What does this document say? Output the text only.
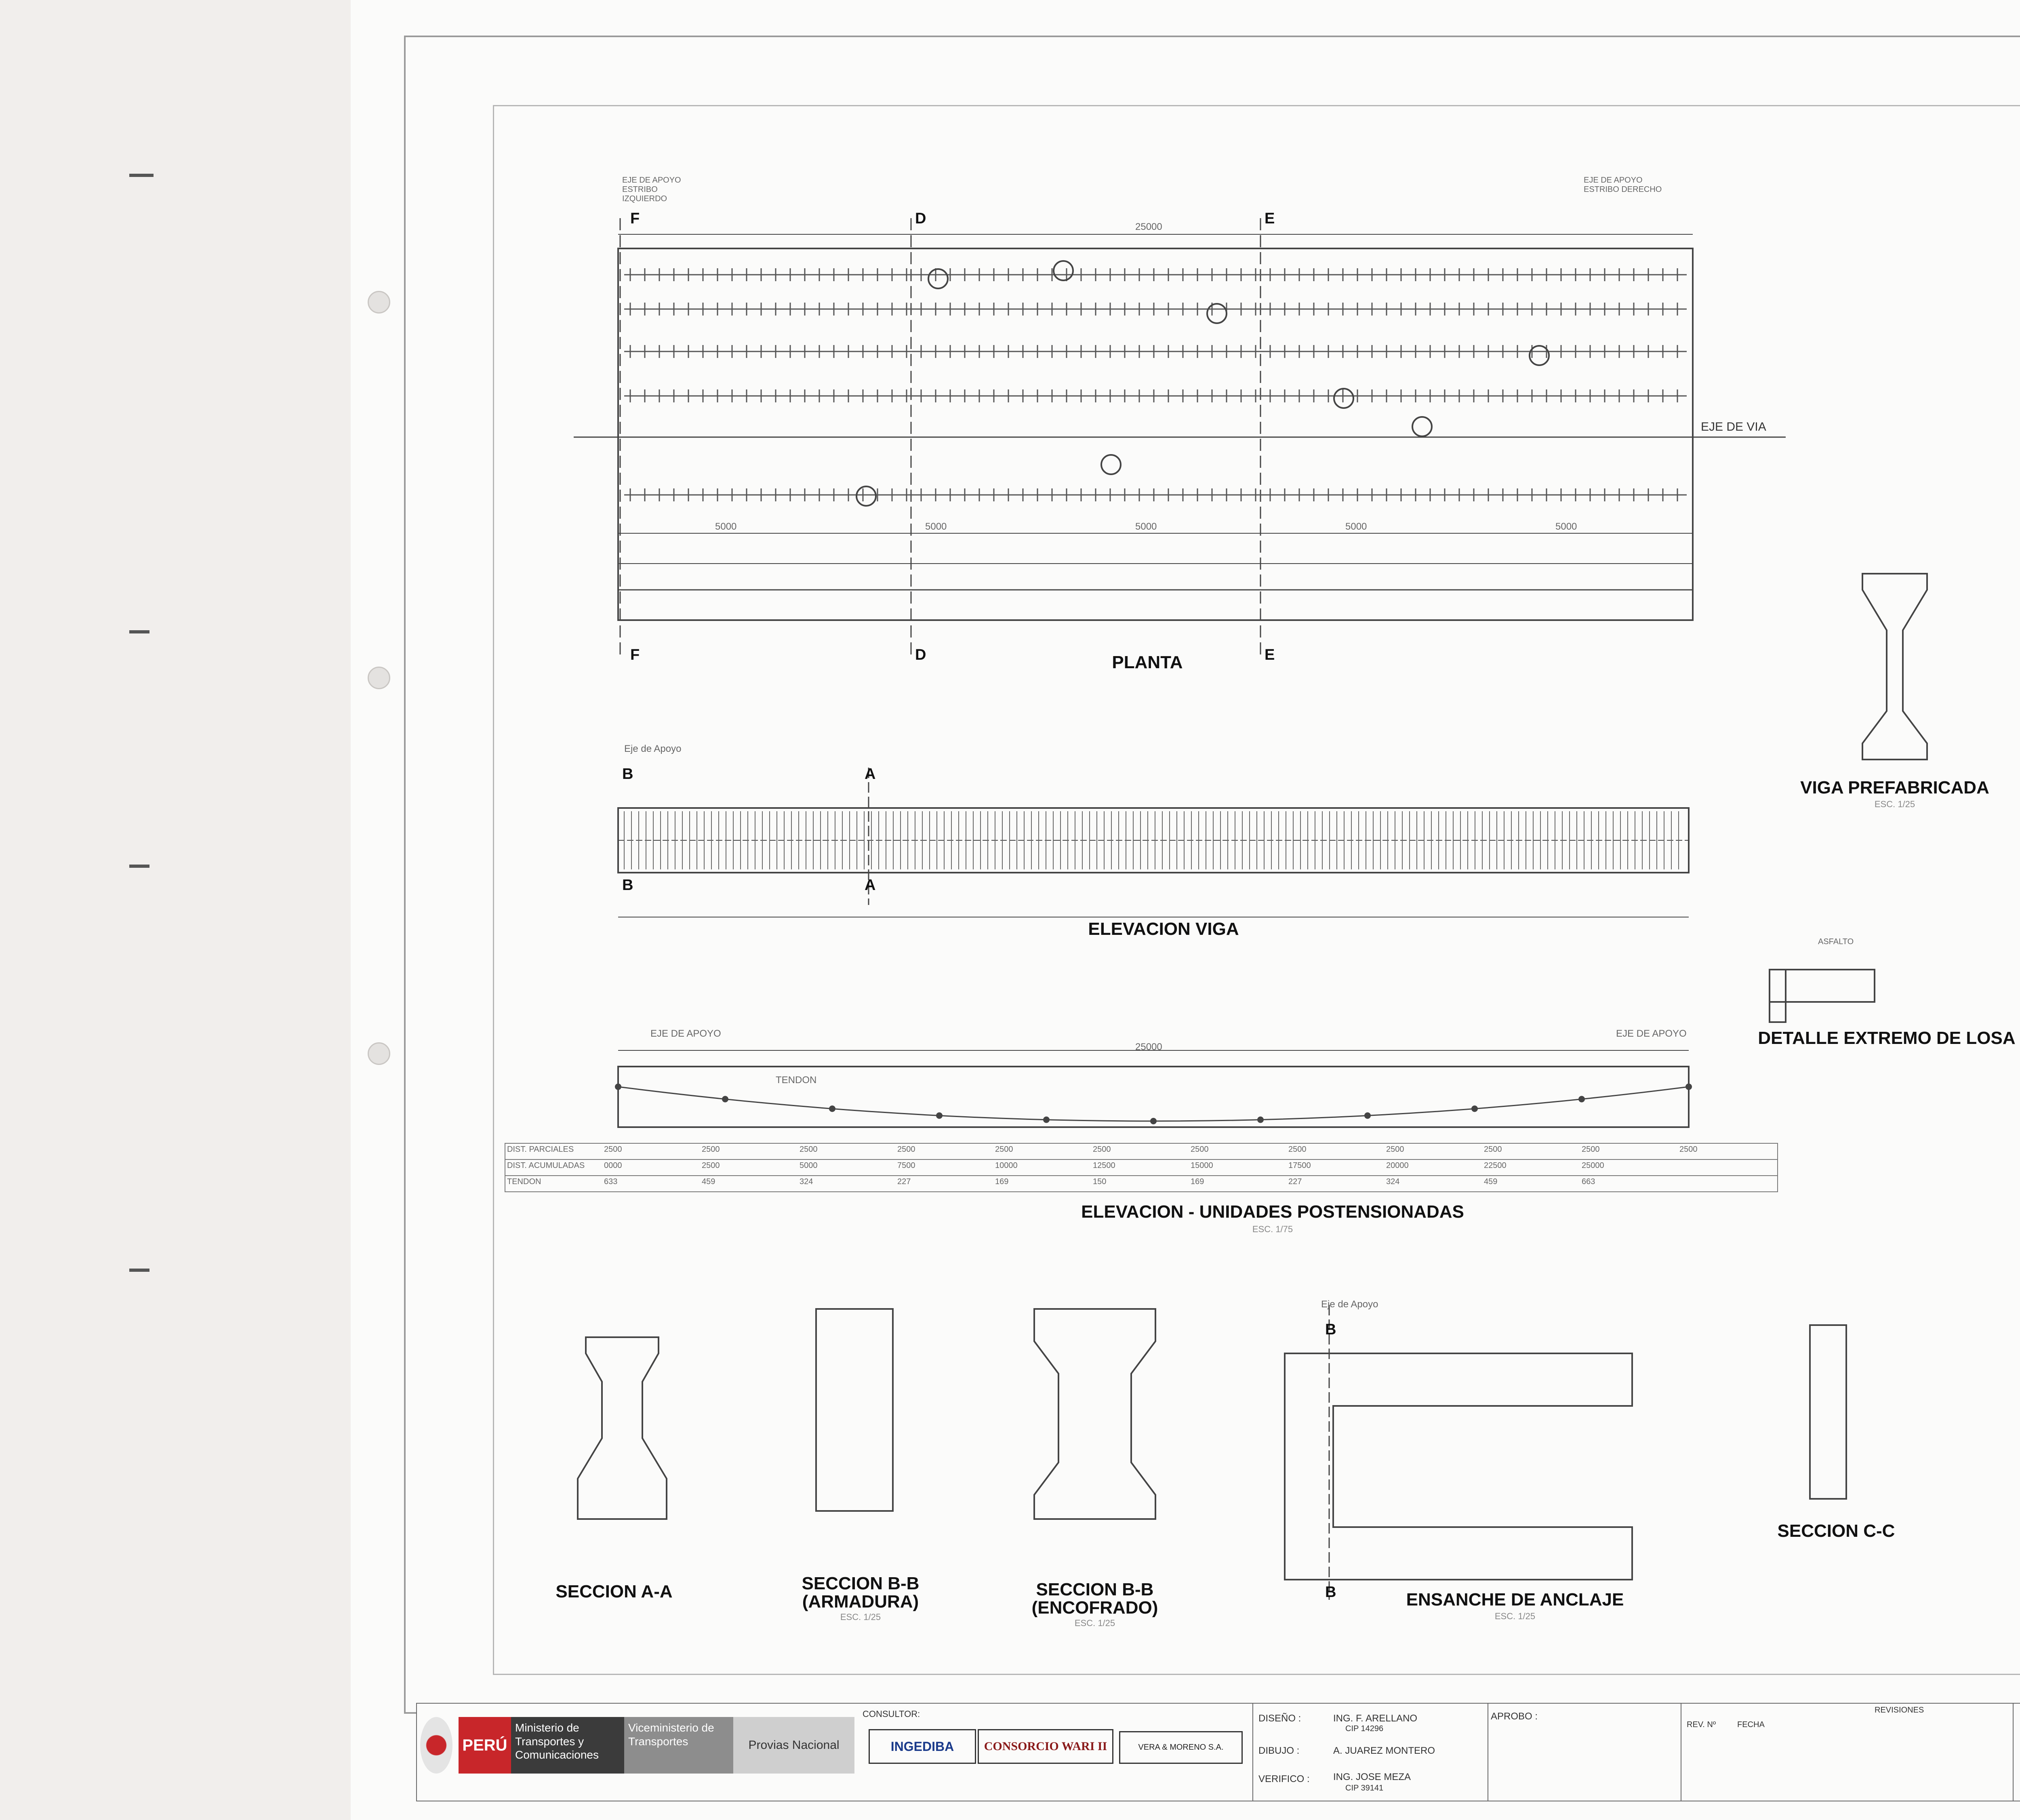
PLANTA
EJE DE VIA
EJE DE APOYO ESTRIBO IZQUIERDO
EJE DE APOYO ESTRIBO DERECHO
25000
5000	5000	5000	5000	5000
F
F
D
D
E
E
B
B
A
A
Eje de Apoyo
ELEVACION VIGA
EJE DE APOYO	EJE DE APOYO
25000
TENDON
ELEVACION - UNIDADES POSTENSIONADAS
ESC. 1/75
DIST. PARCIALES	2500	2500	2500	2500	2500	2500	2500	2500	2500	2500	2500	2500
DIST. ACUMULADAS 0000	2500	5000	7500	10000	12500	15000	17500	20000	22500	25000
TENDON	633	459	324	227	169	150	169	227	324	459	663
VIGA PREFABRICADA
ESC. 1/25
ASFALTO
DETALLE EXTREMO DE LOSA
SECCION A-A	SECCION B-B
(ARMADURA)
ESC. 1/25
SECCION B-B
(ENCOFRADO)
ESC. 1/25
Eje de Apoyo
B
B	ENSANCHE DE ANCLAJE
ESC. 1/25
SECCION C-C
PERÚ
Ministerio de Transportes y Comunicaciones
Viceministerio de Transportes	Provias Nacional
CONSULTOR:
INGEDIBA	CONSORCIO WARI II	VERA & MORENO S.A.
DISEÑO :	ING. F. ARELLANO
CIP 14296
DIBUJO :	A. JUAREZ MONTERO
VERIFICO : ING. JOSE MEZA
CIP 39141
APROBO :
REVISIONES
REV. Nº	FECHA
